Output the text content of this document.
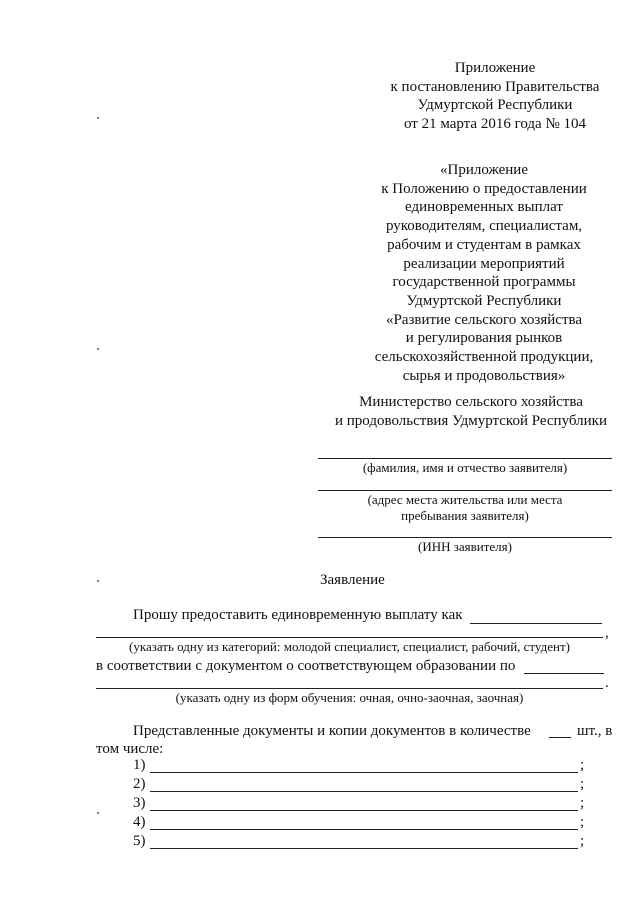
Приложение
к постановлению Правительства
Удмуртской Республики
от 21 марта 2016 года № 104
«Приложение
к Положению о предоставлении
единовременных выплат
руководителям, специалистам,
рабочим и студентам в рамках
реализации мероприятий
государственной программы
Удмуртской Республики
«Развитие сельского хозяйства
и регулирования рынков
сельскохозяйственной продукции,
сырья и продовольствия»
Министерство сельского хозяйства
и продовольствия Удмуртской Республики
(фамилия, имя и отчество заявителя)
(адрес места жительства или места
пребывания заявителя)
(ИНН заявителя)
Заявление
Прошу предоставить единовременную выплату как
,
(указать одну из категорий: молодой специалист, специалист, рабочий, студент)
в соответствии с документом о соответствующем образовании по
.
(указать одну из форм обучения: очная, очно-заочная, заочная)
Представленные документы и копии документов в количестве	шт., в
том числе:
1)	;
2)	;
3)	;
4)	;
5)	;
